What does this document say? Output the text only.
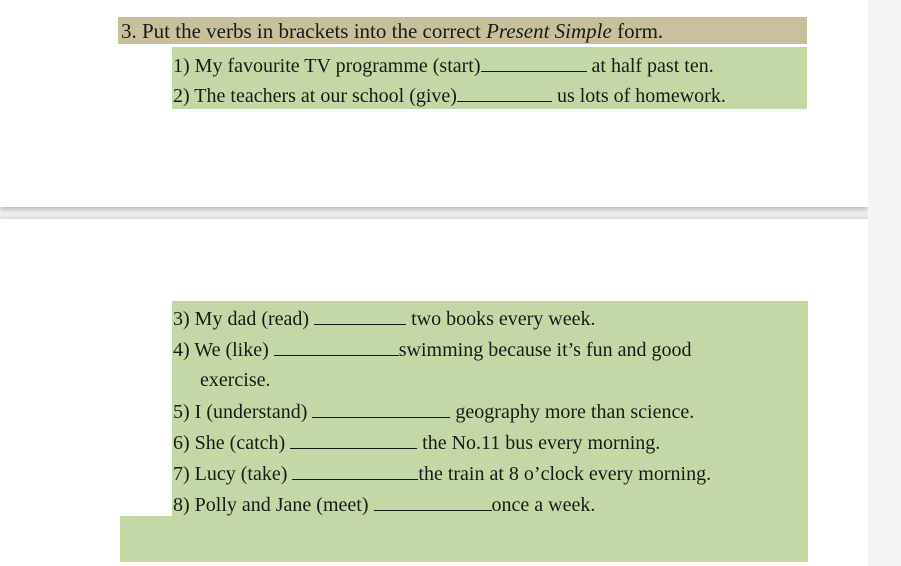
3. Put the verbs in brackets into the correct Present Simple form.
1) My favourite TV programme (start)	at half past ten.
2) The teachers at our school (give)	us lots of homework.
3) My dad (read)	two books every week.
4) We (like)	swimming because it’s fun and good
exercise.
5) I (understand)	geography more than science.
6) She (catch)	the No.11 bus every morning.
7) Lucy (take)	the train at 8 o’clock every morning.
8) Polly and Jane (meet)	once a week.
